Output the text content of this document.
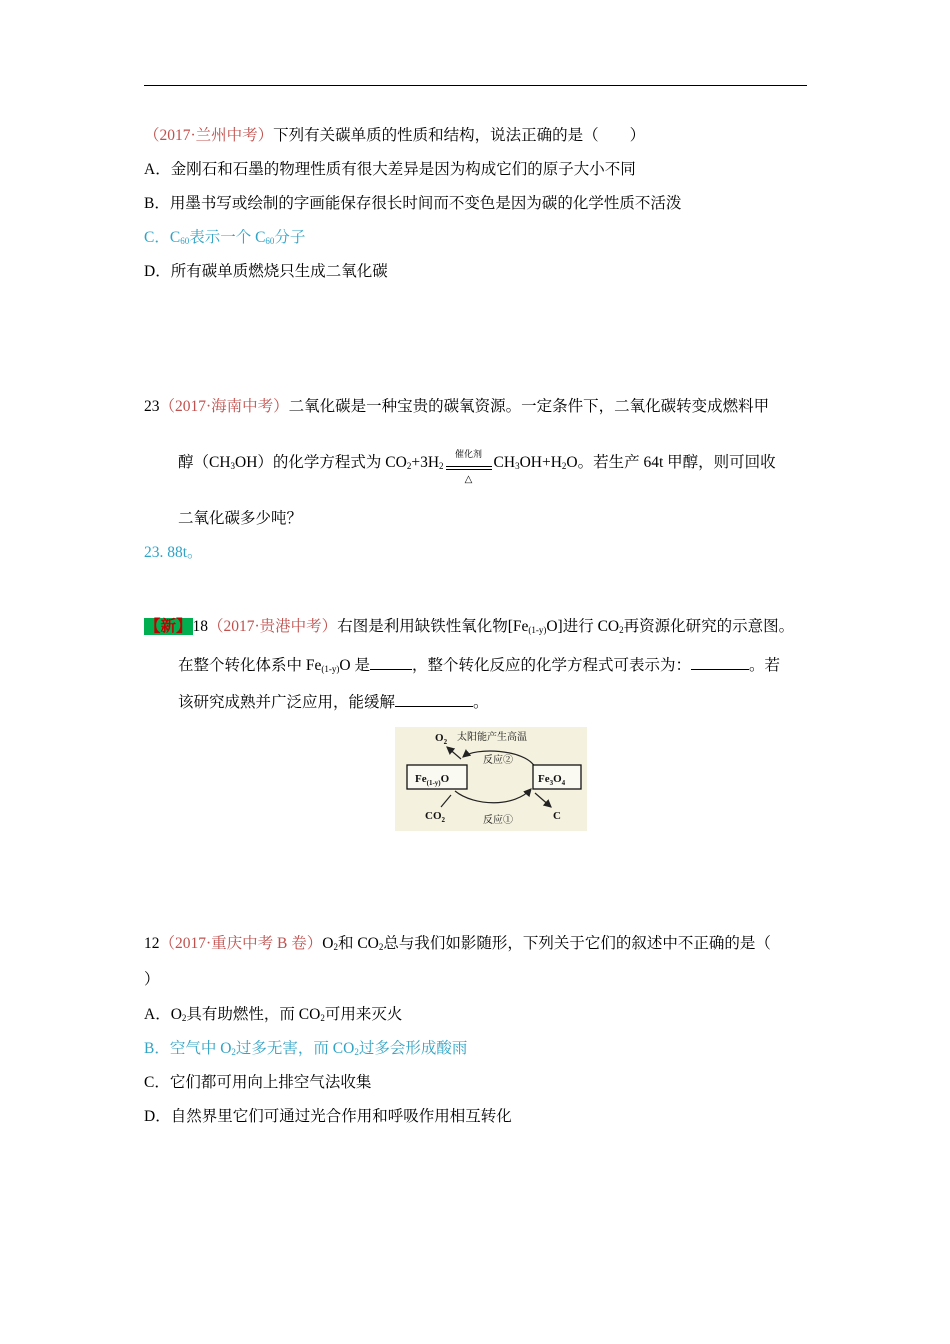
（2017·兰州中考）下列有关碳单质的性质和结构，说法正确的是（　　）
A．金刚石和石墨的物理性质有很大差异是因为构成它们的原子大小不同
B．用墨书写或绘制的字画能保存很长时间而不变色是因为碳的化学性质不活泼
C．$C_{60}$表示一个 $C_{60}$分子
D．所有碳单质燃烧只生成二氧化碳
23（2017·海南中考）二氧化碳是一种宝贵的碳氧资源。一定条件下，二氧化碳转变成燃料甲
醇$(CH_3OH)$的化学方程式为 $CO_2+3H_2$
催化剂
△
$CH_3OH+H_2O$。若生产 64t 甲醇，则可回收
二氧化碳多少吨？
23. 88t。
【新】18（2017·贵港中考）右图是利用缺铁性氧化物$[Fe_{(1-y)}O]$进行 $CO_2$再资源化研究的示意图。
在整个转化体系中 $Fe_{(1-y)}O$ 是	，整个转化反应的化学方程式可表示为：	。若
该研究成熟并广泛应用，能缓解	。
$O_2$ 太阳能产生高温
反应②
$Fe_{(1-y)}O$	$Fe_3O_4$
$CO_2$	反应①	C
12（2017·重庆中考 B 卷）$O_2$和 $CO_2$总与我们如影随形，下列关于它们的叙述中不正确的是（
）
A．$O_2$具有助燃性，而 $CO_2$可用来灭火
B．空气中 $O_2$过多无害，而 $CO_2$过多会形成酸雨
C．它们都可用向上排空气法收集
D．自然界里它们可通过光合作用和呼吸作用相互转化
